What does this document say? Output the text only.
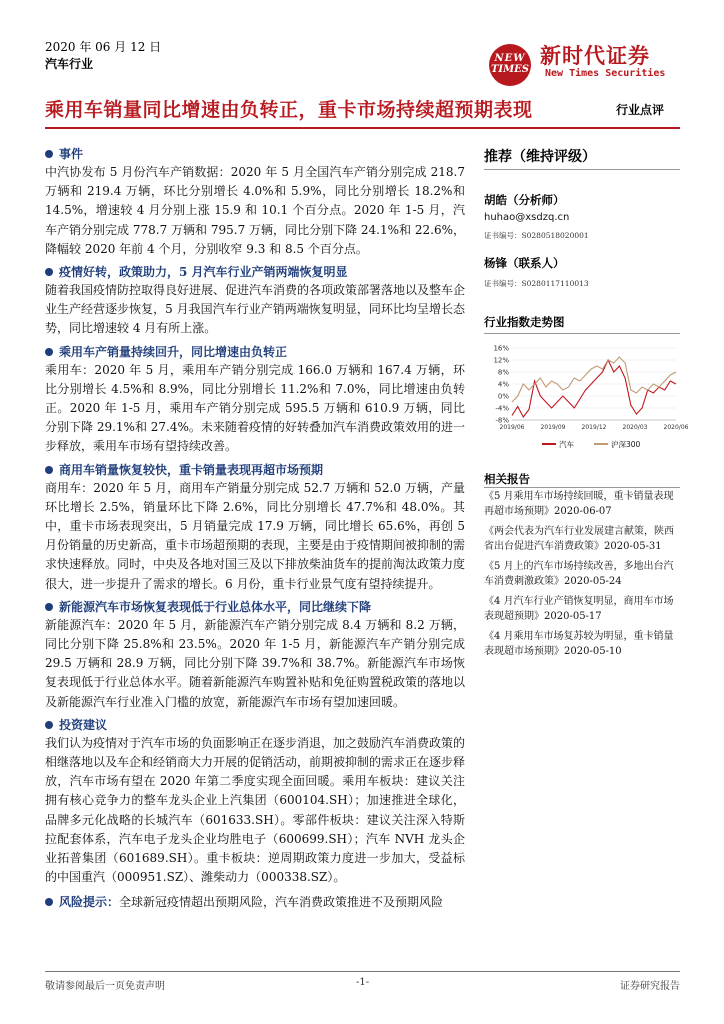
2020 年 06 月 12 日
汽车行业	NEW
TIMES
新时代证券
New Times Securities
乘用车销量同比增速由负转正，重卡市场持续超预期表现	行业点评
事件
中汽协发布 5 月份汽车产销数据：2020 年 5 月全国汽车产销分别完成 218.7 万辆和 219.4 万辆，环比分别增长 4.0%和 5.9%，同比分别增长 18.2%和 14.5%，增速较 4 月分别上涨 15.9 和 10.1 个百分点。2020 年 1-5 月，汽车产销分别完成 778.7 万辆和 795.7 万辆，同比分别下降 24.1%和 22.6%，降幅较 2020 年前 4 个月，分别收窄 9.3 和 8.5 个百分点。
疫情好转，政策助力，5 月汽车行业产销两端恢复明显
随着我国疫情防控取得良好进展、促进汽车消费的各项政策部署落地以及整车企业生产经营逐步恢复，5 月我国汽车行业产销两端恢复明显，同环比均呈增长态势，同比增速较 4 月有所上涨。
乘用车产销量持续回升，同比增速由负转正
乘用车：2020 年 5 月，乘用车产销分别完成 166.0 万辆和 167.4 万辆，环比分别增长 4.5%和 8.9%，同比分别增长 11.2%和 7.0%，同比增速由负转正。2020 年 1-5 月，乘用车产销分别完成 595.5 万辆和 610.9 万辆，同比分别下降 29.1%和 27.4%。未来随着疫情的好转叠加汽车消费政策效用的进一步释放，乘用车市场有望持续改善。
商用车销量恢复较快，重卡销量表现再超市场预期
商用车：2020 年 5 月，商用车产销量分别完成 52.7 万辆和 52.0 万辆，产量环比增长 2.5%，销量环比下降 2.6%，同比分别增长 47.7%和 48.0%。其中，重卡市场表现突出，5 月销量完成 17.9 万辆，同比增长 65.6%，再创 5 月份销量的历史新高，重卡市场超预期的表现，主要是由于疫情期间被抑制的需求快速释放。同时，中央及各地对国三及以下排放柴油货车的提前淘汰政策力度很大，进一步提升了需求的增长。6 月份，重卡行业景气度有望持续提升。
新能源汽车市场恢复表现低于行业总体水平，同比继续下降
新能源汽车：2020 年 5 月，新能源汽车产销分别完成 8.4 万辆和 8.2 万辆，同比分别下降 25.8%和 23.5%。2020 年 1-5 月，新能源汽车产销分别完成 29.5 万辆和 28.9 万辆，同比分别下降 39.7%和 38.7%。新能源汽车市场恢复表现低于行业总体水平。随着新能源汽车购置补贴和免征购置税政策的落地以及新能源汽车行业准入门槛的放宽，新能源汽车市场有望加速回暖。
投资建议
我们认为疫情对于汽车市场的负面影响正在逐步消退，加之鼓励汽车消费政策的相继落地以及车企和经销商大力开展的促销活动，前期被抑制的需求正在逐步释放，汽车市场有望在 2020 年第二季度实现全面回暖。乘用车板块：建议关注拥有核心竞争力的整车龙头企业上汽集团（600104.SH）；加速推进全球化，品牌多元化战略的长城汽车（601633.SH）。零部件板块：建议关注深入特斯拉配套体系，汽车电子龙头企业均胜电子（600699.SH）；汽车 NVH 龙头企业拓普集团（601689.SH）。重卡板块：逆周期政策力度进一步加大，受益标的中国重汽（000951.SZ）、潍柴动力（000338.SZ）。
风险提示：全球新冠疫情超出预期风险，汽车消费政策推进不及预期风险
推荐（维持评级）
胡皓（分析师）
huhao@xsdzq.cn
证书编号：S0280518020001
杨锋（联系人）
证书编号：S0280117110013
行业指数走势图
16%
12%
8%
4%
0%
-4%
-8%
2019/06	2019/09	2019/12	2020/03	2020/06
汽车	沪深300
相关报告
《5 月乘用车市场持续回暖，重卡销量表现再超市场预期》2020-06-07
《两会代表为汽车行业发展建言献策，陕西省出台促进汽车消费政策》2020-05-31
《5 月上的汽车市场持续改善，多地出台汽车消费刺激政策》2020-05-24
《4 月汽车行业产销恢复明显，商用车市场表现超预期》2020-05-17
《4 月乘用车市场复苏较为明显，重卡销量表现超市场预期》2020-05-10
敬请参阅最后一页免责声明	-1-	证券研究报告
